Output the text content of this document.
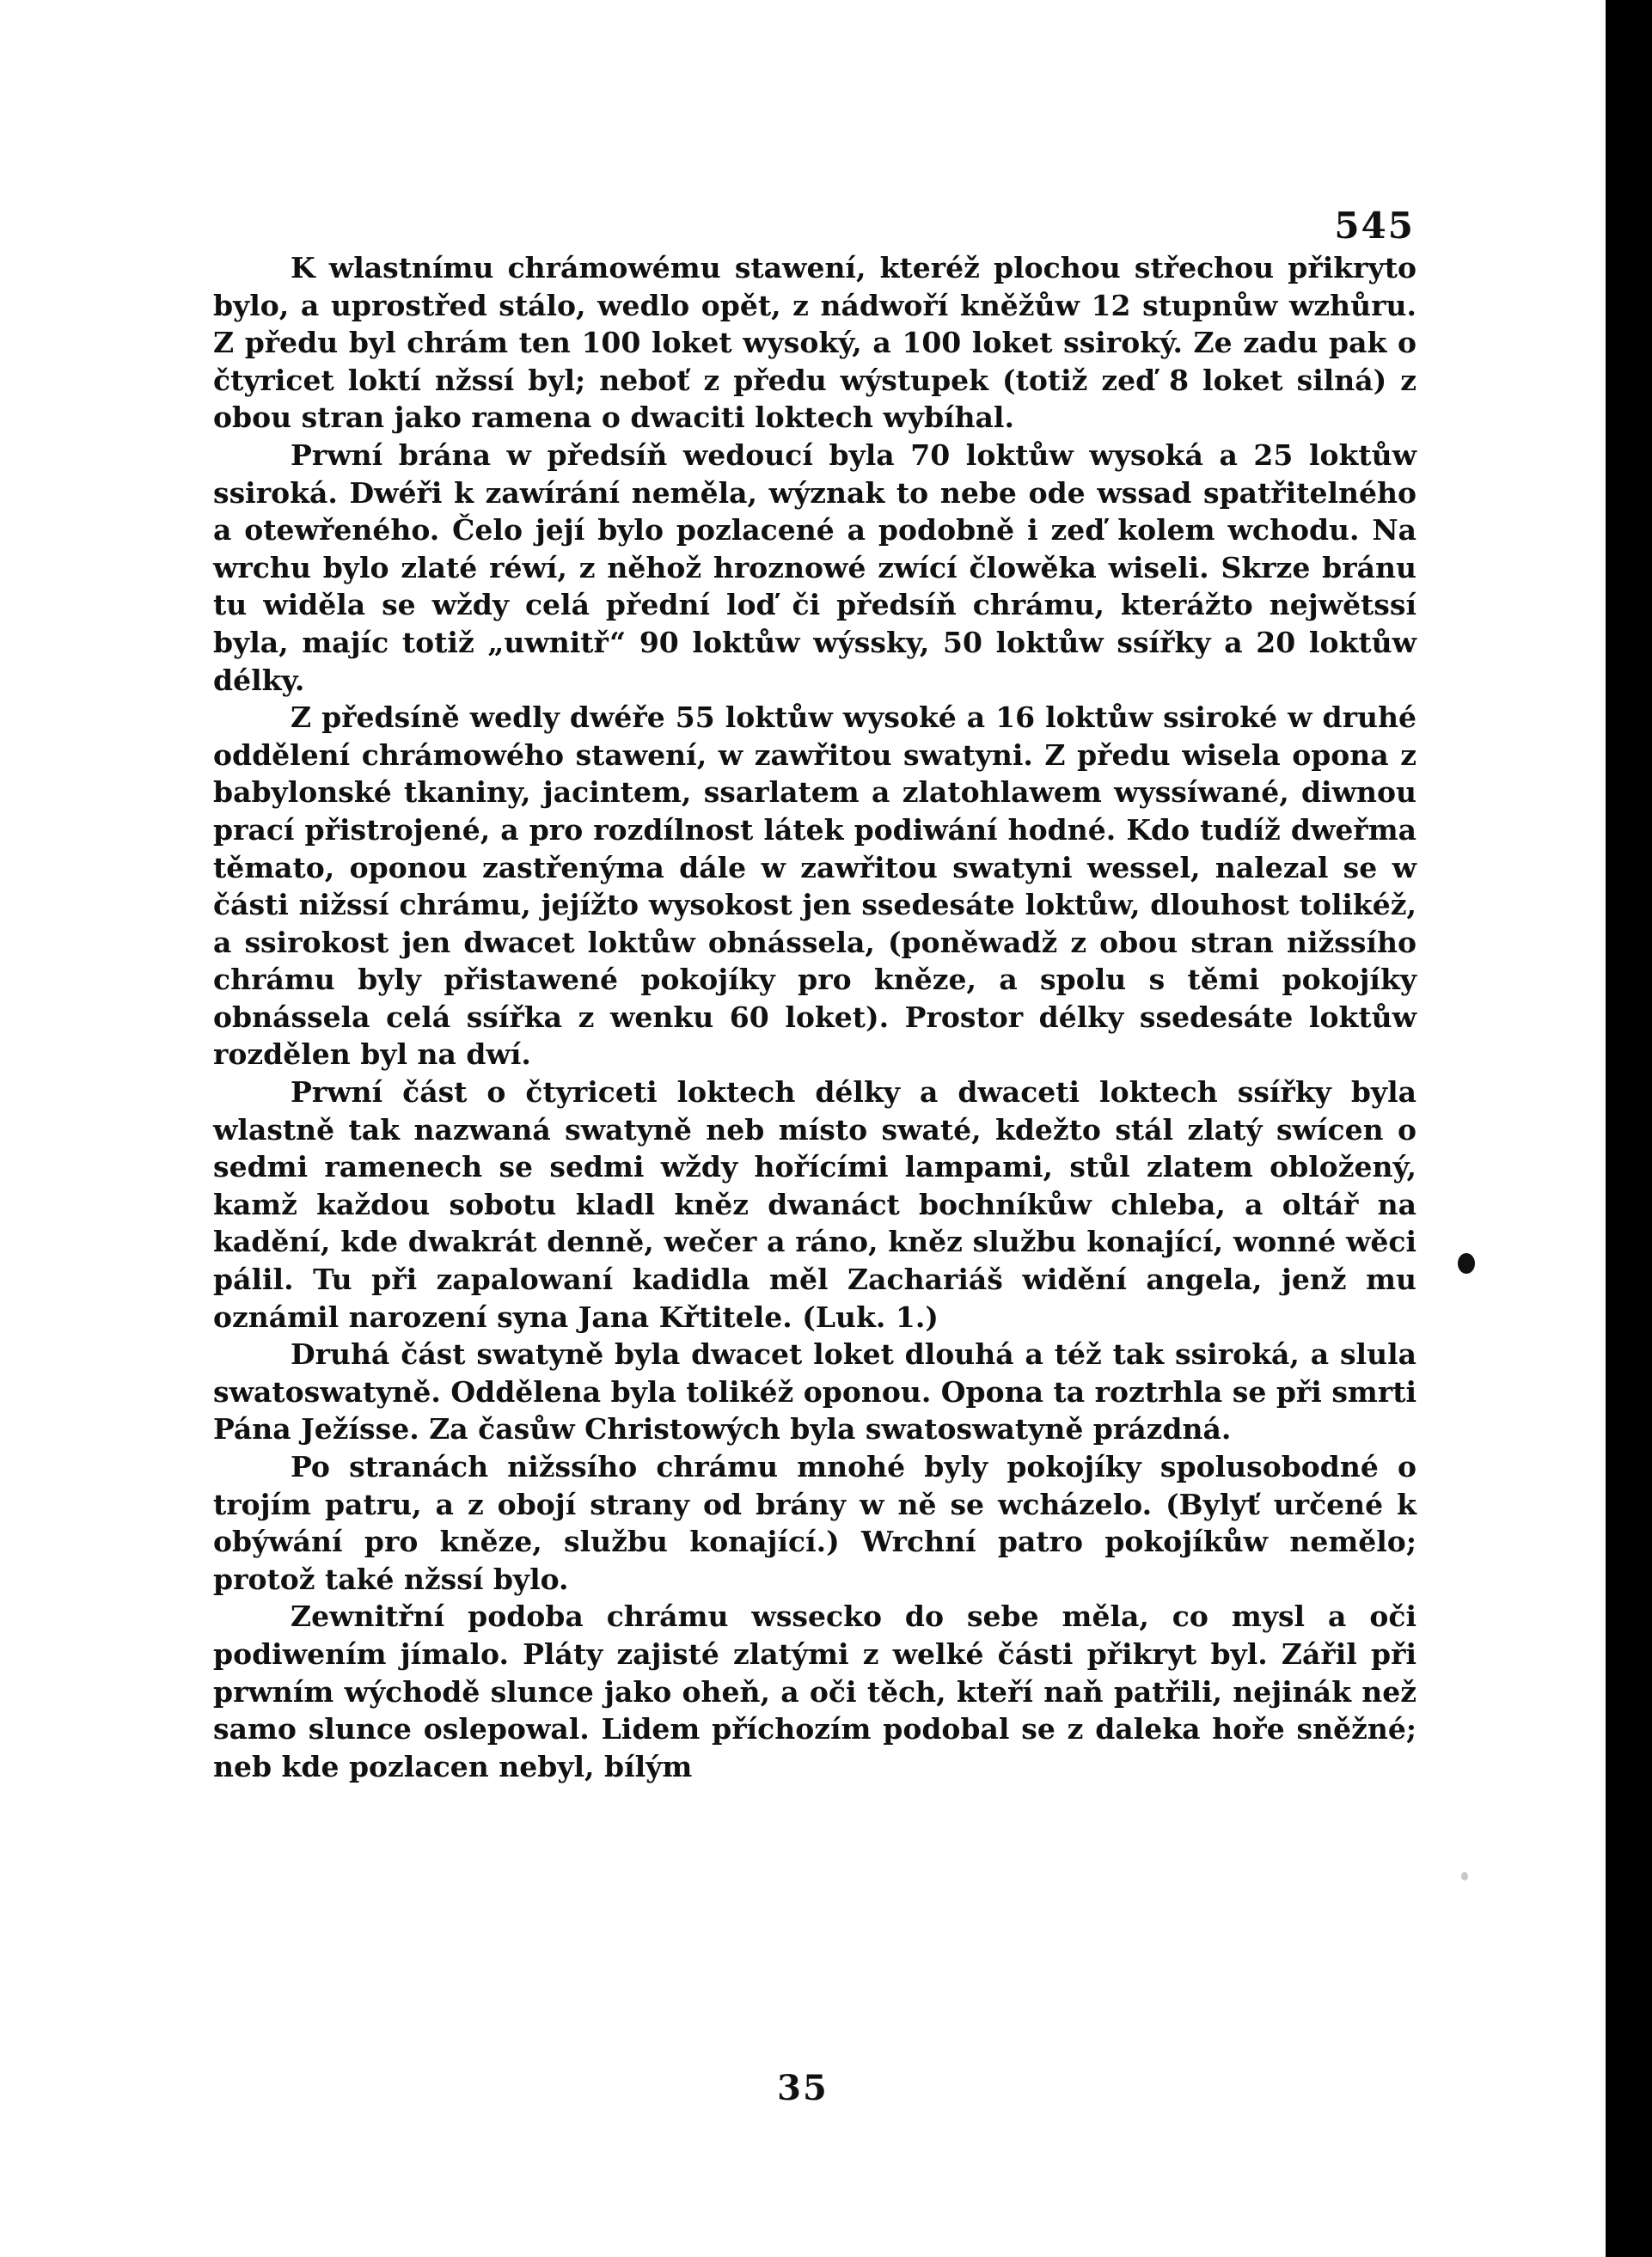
545

K wlastnímu chrámowému stawení, kteréž plochou střechou přikryto bylo, a uprostřed stálo, wedlo opět, z nádwoří kněžůw 12 stupnůw wzhůru. Z předu byl chrám ten 100 loket wysoký, a 100 loket ssiroký. Ze zadu pak o čtyricet loktí nžssí byl; neboť z předu wýstupek (totiž zeď 8 loket silná) z obou stran jako ramena o dwaciti loktech wybíhal.

Prwní brána w předsíň wedoucí byla 70 loktůw wysoká a 25 loktůw ssiroká. Dwéři k zawírání neměla, wýznak to nebe ode wssad spatřitelného a otewřeného. Čelo její bylo pozlacené a podobně i zeď kolem wchodu. Na wrchu bylo zlaté réwí, z něhož hroznowé zwící člowěka wiseli. Skrze bránu tu widěla se wždy celá přední loď či předsíň chrámu, kterážto nejwětssí byla, majíc totiž „uwnitř“ 90 loktůw wýssky, 50 loktůw ssířky a 20 loktůw délky.

Z předsíně wedly dwéře 55 loktůw wysoké a 16 loktůw ssiroké w druhé oddělení chrámowého stawení, w zawřitou swatyni. Z předu wisela opona z babylonské tkaniny, jacintem, ssarlatem a zlatohlawem wyssíwané, diwnou prací přistrojené, a pro rozdílnost látek podiwání hodné. Kdo tudíž dweřma těmato, oponou zastřenýma dále w zawřitou swatyni wessel, nalezal se w části nižssí chrámu, jejížto wysokost jen ssedesáte loktůw, dlouhost tolikéž, a ssirokost jen dwacet loktůw obnássela, (poněwadž z obou stran nižssího chrámu byly přistawené pokojíky pro kněze, a spolu s těmi pokojíky obnássela celá ssířka z wenku 60 loket). Prostor délky ssedesáte loktůw rozdělen byl na dwí.

Prwní část o čtyriceti loktech délky a dwaceti loktech ssířky byla wlastně tak nazwaná swatyně neb místo swaté, kdežto stál zlatý swícen o sedmi ramenech se sedmi wždy hořícími lampami, stůl zlatem obložený, kamž každou sobotu kladl kněz dwanáct bochníkůw chleba, a oltář na kadění, kde dwakrát denně, wečer a ráno, kněz službu konající, wonné wěci pálil. Tu při zapalowaní kadidla měl Zachariáš widění angela, jenž mu oznámil narození syna Jana Křtitele. (Luk. 1.)

Druhá část swatyně byla dwacet loket dlouhá a též tak ssiroká, a slula swatoswatyně. Oddělena byla tolikéž oponou. Opona ta roztrhla se při smrti Pána Ježísse. Za časůw Christowých byla swatoswatyně prázdná.

Po stranách nižssího chrámu mnohé byly pokojíky spolusobodné o trojím patru, a z obojí strany od brány w ně se wcházelo. (Bylyť určené k obýwání pro kněze, službu konající.) Wrchní patro pokojíkůw nemělo; protož také nžssí bylo.

Zewnitřní podoba chrámu wssecko do sebe měla, co mysl a oči podiwením jímalo. Pláty zajisté zlatými z welké části přikryt byl. Zářil při prwním wýchodě slunce jako oheň, a oči těch, kteří naň patřili, nejinák než samo slunce oslepowal. Lidem příchozím podobal se z daleka hoře sněžné; neb kde pozlacen nebyl, bílým

35
